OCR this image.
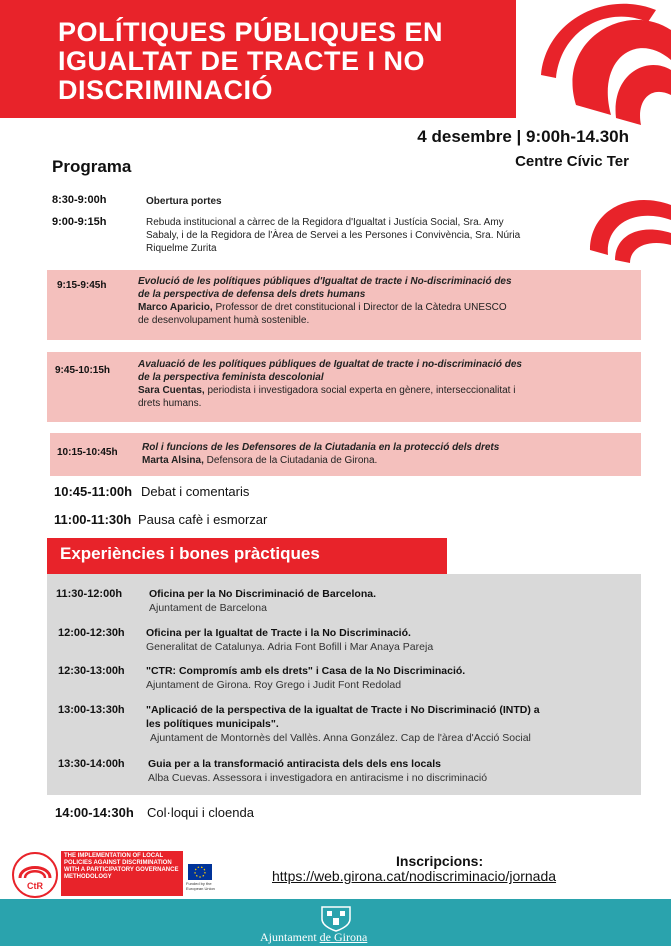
POLÍTIQUES PÚBLIQUES EN
IGUALTAT DE TRACTE I NO
DISCRIMINACIÓ
4 desembre | 9:00h-14.30h
Centre Cívic Ter
Programa
8:30-9:00h	Obertura portes
9:00-9:15h	Rebuda institucional a càrrec de la Regidora d'Igualtat i Justícia Social, Sra. Amy
Sabaly, i de la Regidora de l'Àrea de Servei a les Persones i Convivència, Sra. Núria
Riquelme Zurita
9:15-9:45h	Evolució de les polítiques públiques d'Igualtat de tracte i No-discriminació des
de la perspectiva de defensa dels drets humans
Marco Aparicio, Professor de dret constitucional i Director de la Càtedra UNESCO
de desenvolupament humà sostenible.
9:45-10:15h
Avaluació de les polítiques públiques de Igualtat de tracte i no-discriminació des
de la perspectiva feminista descolonial
Sara Cuentas, periodista i investigadora social experta en gènere, interseccionalitat i
drets humans.
10:15-10:45h Rol i funcions de les Defensores de la Ciutadania en la protecció dels drets
Marta Alsina, Defensora de la Ciutadania de Girona.
10:45-11:00h Debat i comentaris
11:00-11:30h Pausa cafè i esmorzar
Experiències i bones pràctiques
11:30-12:00h	Oficina per la No Discriminació de Barcelona.
Ajuntament de Barcelona
12:00-12:30h Oficina per la Igualtat de Tracte i la No Discriminació.
Generalitat de Catalunya. Adria Font Bofill i Mar Anaya Pareja
12:30-13:00h "CTR: Compromís amb els drets" i Casa de la No Discriminació.
Ajuntament de Girona. Roy Grego i Judit Font Redolad
13:00-13:30h "Aplicació de la perspectiva de la igualtat de Tracte i No Discriminació (INTD) a
les polítiques municipals".
Ajuntament de Montornès del Vallès. Anna González. Cap de l'àrea d'Acció Social
13:30-14:00h Guia per a la transformació antiracista dels dels ens locals
Alba Cuevas. Assessora i investigadora en antiracisme i no discriminació
14:00-14:30h Col·loqui i cloenda
CtR
THE IMPLEMENTATION OF LOCAL POLICIES AGAINST DISCRIMINATION WITH A PARTICIPATORY GOVERNANCE METHODOLOGY
Funded by the European Union
Inscripcions:
https://web.girona.cat/nodiscriminacio/jornada
Ajuntament de Girona
